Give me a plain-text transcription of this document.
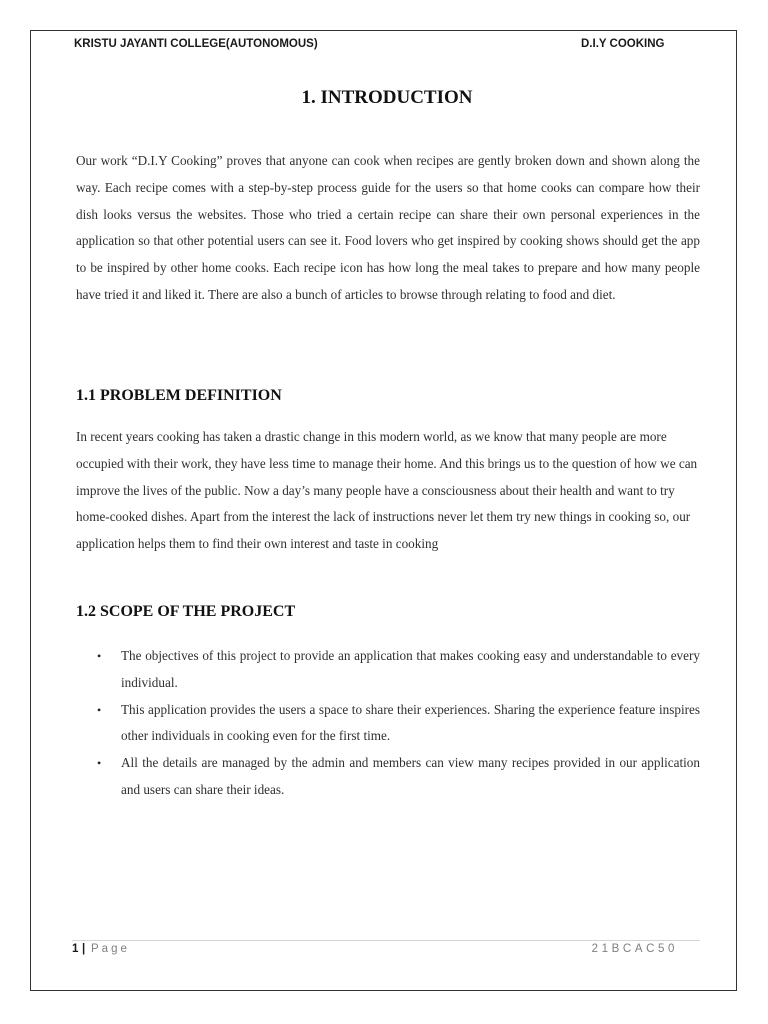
KRISTU JAYANTI COLLEGE(AUTONOMOUS)	D.I.Y COOKING
1. INTRODUCTION

Our work “D.I.Y Cooking” proves that anyone can cook when recipes are gently broken down and shown along the way. Each recipe comes with a step-by-step process guide for the users so that home cooks can compare how their dish looks versus the websites. Those who tried a certain recipe can share their own personal experiences in the application so that other potential users can see it. Food lovers who get inspired by cooking shows should get the app to be inspired by other home cooks. Each recipe icon has how long the meal takes to prepare and how many people have tried it and liked it. There are also a bunch of articles to browse through relating to food and diet.

1.1 PROBLEM DEFINITION

In recent years cooking has taken a drastic change in this modern world, as we know that many people are more occupied with their work, they have less time to manage their home. And this brings us to the question of how we can improve the lives of the public. Now a day’s many people have a consciousness about their health and want to try home-cooked dishes. Apart from the interest the lack of instructions never let them try new things in cooking so, our application helps them to find their own interest and taste in cooking

1.2 SCOPE OF THE PROJECT
• The objectives of this project to provide an application that makes cooking easy and understandable to every individual.
• This application provides the users a space to share their experiences. Sharing the experience feature inspires other individuals in cooking even for the first time.
• All the details are managed by the admin and members can view many recipes provided in our application and users can share their ideas.
1 | Page	21BCAC50
